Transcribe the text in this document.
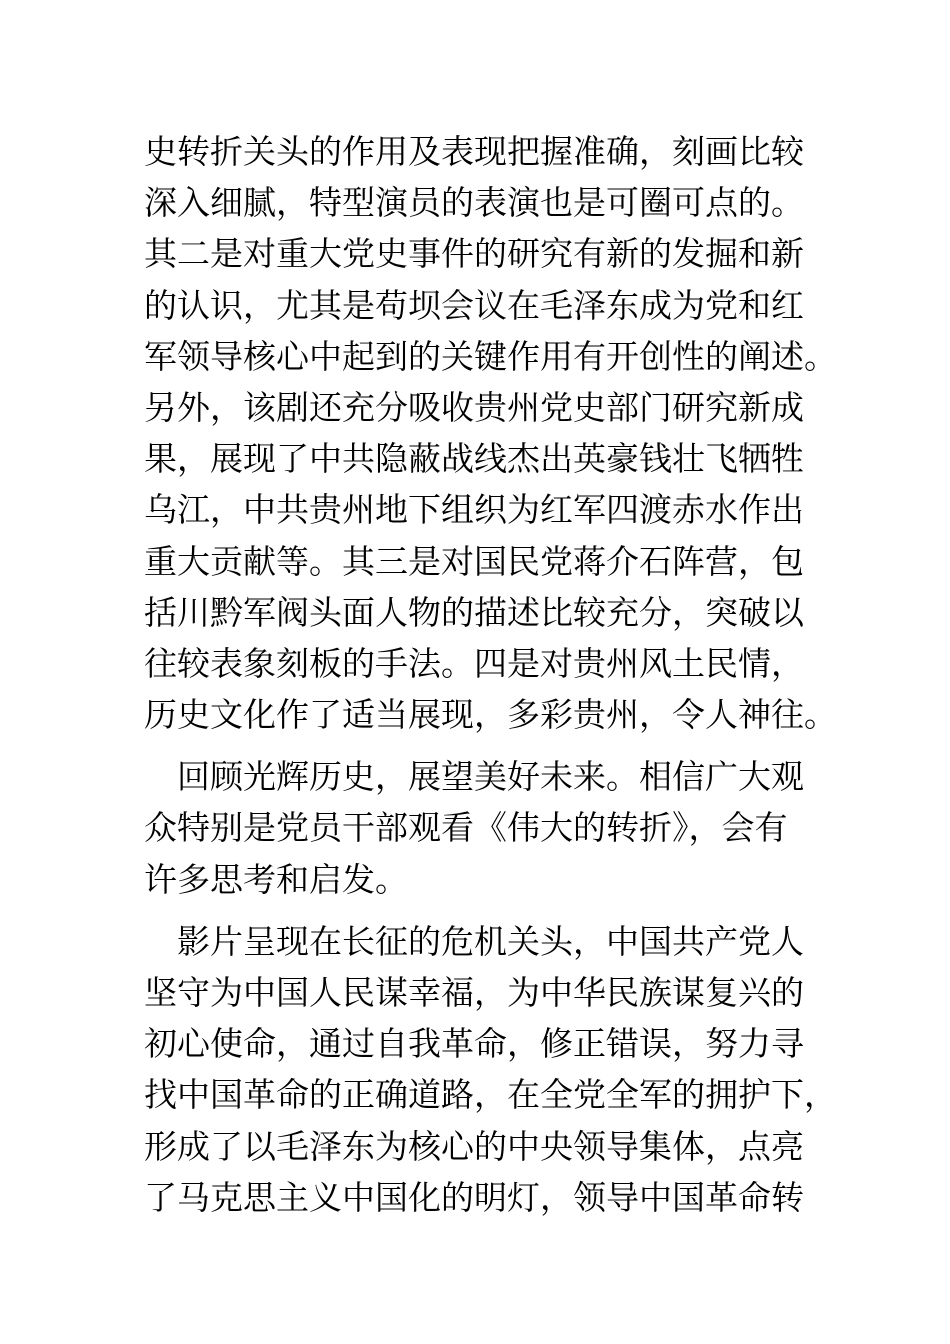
史转折关头的作用及表现把握准确，刻画比较
深入细腻，特型演员的表演也是可圈可点的。
其二是对重大党史事件的研究有新的发掘和新
的认识，尤其是苟坝会议在毛泽东成为党和红
军领导核心中起到的关键作用有开创性的阐述。
另外，该剧还充分吸收贵州党史部门研究新成
果，展现了中共隐蔽战线杰出英豪钱壮飞牺牲
乌江，中共贵州地下组织为红军四渡赤水作出
重大贡献等。其三是对国民党蒋介石阵营，包
括川黔军阀头面人物的描述比较充分，突破以
往较表象刻板的手法。四是对贵州风土民情，
历史文化作了适当展现，多彩贵州，令人神往。
回顾光辉历史，展望美好未来。相信广大观
众特别是党员干部观看《伟大的转折》，会有
许多思考和启发。
影片呈现在长征的危机关头，中国共产党人
坚守为中国人民谋幸福，为中华民族谋复兴的
初心使命，通过自我革命，修正错误，努力寻
找中国革命的正确道路，在全党全军的拥护下，
形成了以毛泽东为核心的中央领导集体，点亮
了马克思主义中国化的明灯，领导中国革命转
